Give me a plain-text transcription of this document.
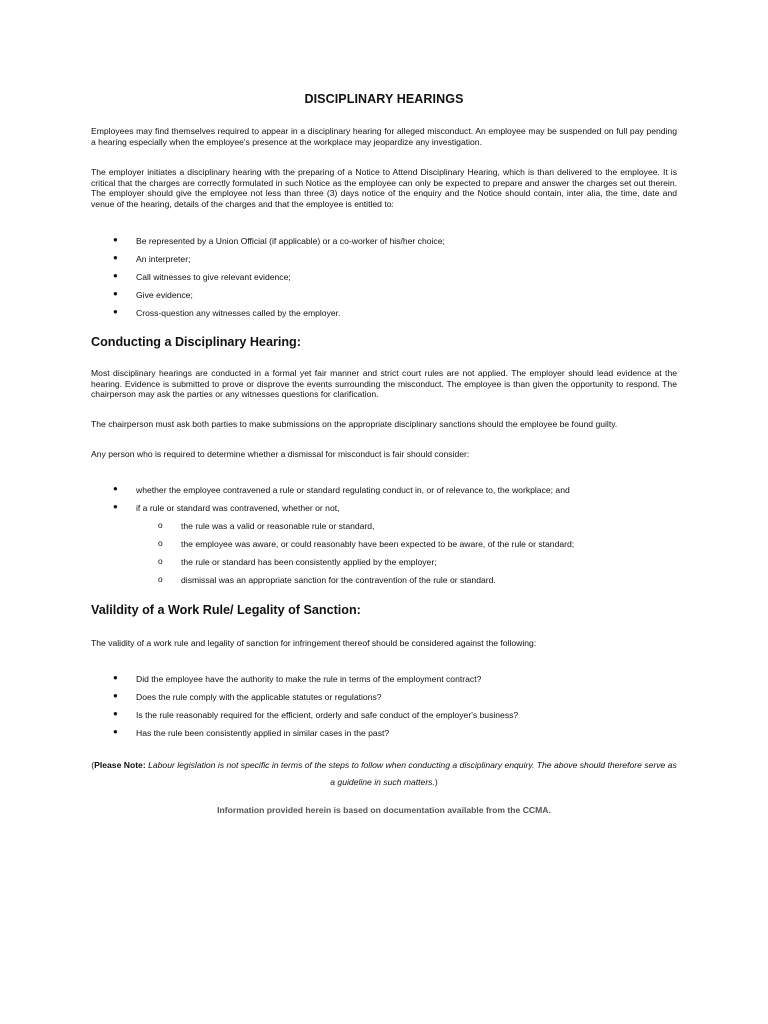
DISCIPLINARY HEARINGS

Employees may find themselves required to appear in a disciplinary hearing for alleged misconduct. An employee may be suspended on full pay pending a hearing especially when the employee's presence at the workplace may jeopardize any investigation.

The employer initiates a disciplinary hearing with the preparing of a Notice to Attend Disciplinary Hearing, which is than delivered to the employee. It is critical that the charges are correctly formulated in such Notice as the employee can only be expected to prepare and answer the charges set out therein. The employer should give the employee not less than three (3) days notice of the enquiry and the Notice should contain, inter alia, the time, date and venue of the hearing, details of the charges and that the employee is entitled to:

● Be represented by a Union Official (if applicable) or a co-worker of his/her choice;
● An interpreter;
● Call witnesses to give relevant evidence;
● Give evidence;
● Cross-question any witnesses called by the employer.
Conducting a Disciplinary Hearing:

Most disciplinary hearings are conducted in a formal yet fair manner and strict court rules are not applied. The employer should lead evidence at the hearing. Evidence is submitted to prove or disprove the events surrounding the misconduct. The employee is than given the opportunity to respond. The chairperson may ask the parties or any witnesses questions for clarification.

The chairperson must ask both parties to make submissions on the appropriate disciplinary sanctions should the employee be found guilty.

Any person who is required to determine whether a dismissal for misconduct is fair should consider:

● whether the employee contravened a rule or standard regulating conduct in, or of relevance to, the workplace; and
● if a rule or standard was contravened, whether or not,
o the rule was a valid or reasonable rule or standard,
o the employee was aware, or could reasonably have been expected to be aware, of the rule or standard;
o the rule or standard has been consistently applied by the employer;
o dismissal was an appropriate sanction for the contravention of the rule or standard.
Valildity of a Work Rule/ Legality of Sanction:

The validity of a work rule and legality of sanction for infringement thereof should be considered against the following:

● Did the employee have the authority to make the rule in terms of the employment contract?
● Does the rule comply with the applicable statutes or regulations?
● Is the rule reasonably required for the efficient, orderly and safe conduct of the employer's business?
● Has the rule been consistently applied in similar cases in the past?
(Please Note: Labour legislation is not specific in terms of the steps to follow when conducting a disciplinary enquiry. The above should therefore serve as a guideline in such matters.)
Information provided herein is based on documentation available from the CCMA.
